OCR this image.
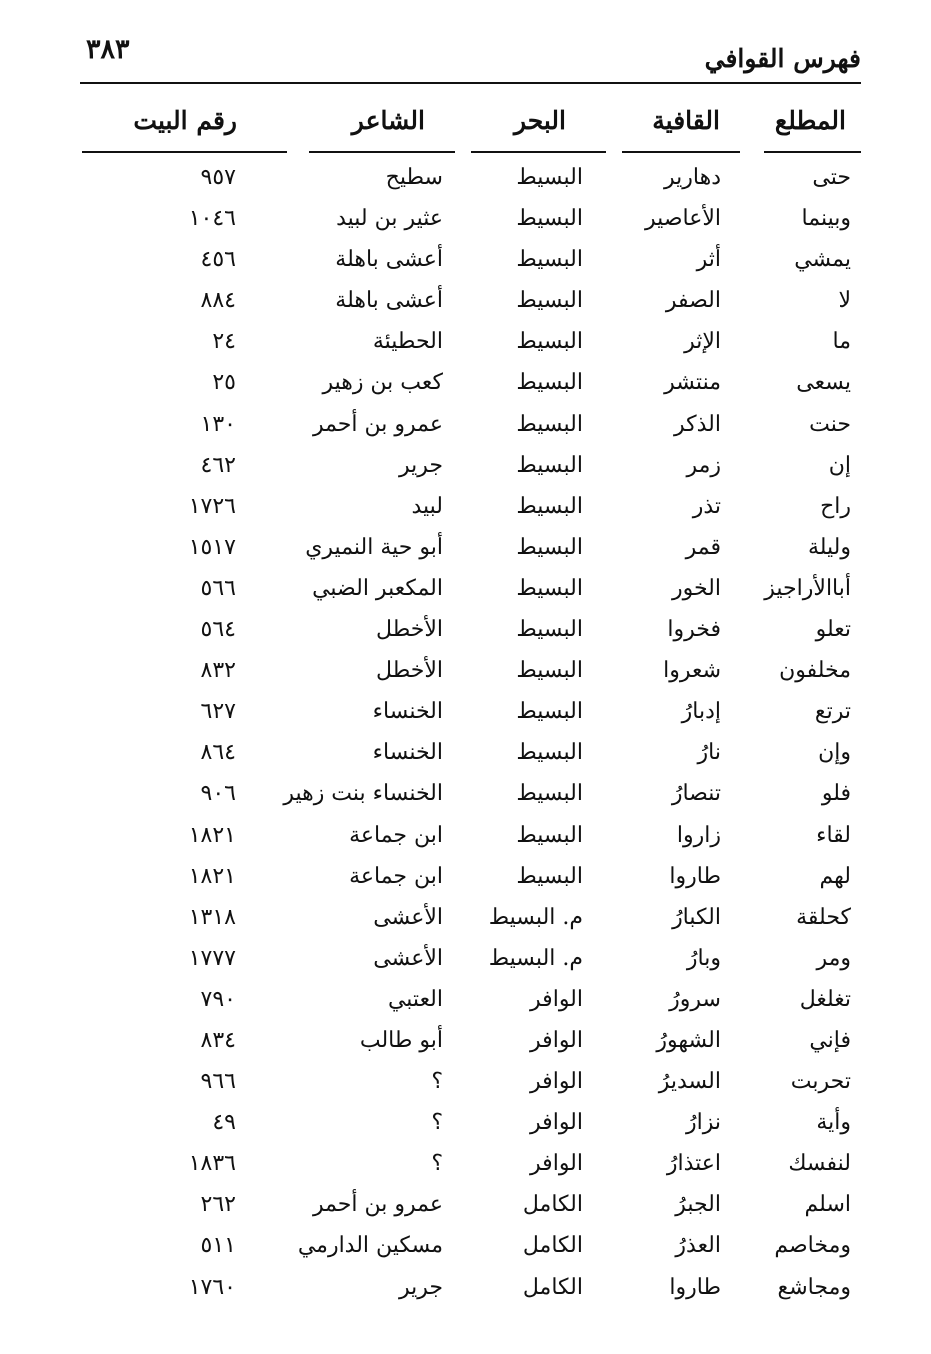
فهرس القوافي
٣٨٣
المطلع
القافية
البحر
الشاعر
رقم البيت
حتى
دهارير
البسيط
سطيح
٩٥٧
وبينما
الأعاصير
البسيط
عثير بن لبيد
١٠٤٦
يمشي
أثر
البسيط
أعشى باهلة
٤٥٦
لا
الصفر
البسيط
أعشى باهلة
٨٨٤
ما
الإثر
البسيط
الحطيئة
٢٤
يسعى
منتشر
البسيط
كعب بن زهير
٢٥
حنت
الذكر
البسيط
عمرو بن أحمر
١٣٠
إن
زمر
البسيط
جرير
٤٦٢
راح
تذر
البسيط
لبيد
١٧٢٦
وليلة
قمر
البسيط
أبو حية النميري
١٥١٧
أباالأراجيز
الخور
البسيط
المكعبر الضبي
٥٦٦
تعلو
فخروا
البسيط
الأخطل
٥٦٤
مخلفون
شعروا
البسيط
الأخطل
٨٣٢
ترتع
إدبارُ
البسيط
الخنساء
٦٢٧
وإن
نارُ
البسيط
الخنساء
٨٦٤
فلو
تنصارُ
البسيط
الخنساء بنت زهير
٩٠٦
لقاء
زاروا
البسيط
ابن جماعة
١٨٢١
لهم
طاروا
البسيط
ابن جماعة
١٨٢١
كحلقة
الكبارُ
م. البسيط
الأعشى
١٣١٨
ومر
وبارُ
م. البسيط
الأعشى
١٧٧٧
تغلغل
سرورُ
الوافر
العتبي
٧٩٠
فإني
الشهورُ
الوافر
أبو طالب
٨٣٤
تحربت
السديرُ
الوافر
؟
٩٦٦
وأية
نزارُ
الوافر
؟
٤٩
لنفسك
اعتذارُ
الوافر
؟
١٨٣٦
اسلم
الجبرُ
الكامل
عمرو بن أحمر
٢٦٢
ومخاصم
العذرُ
الكامل
مسكين الدارمي
٥١١
ومجاشع
طاروا
الكامل
جرير
١٧٦٠
